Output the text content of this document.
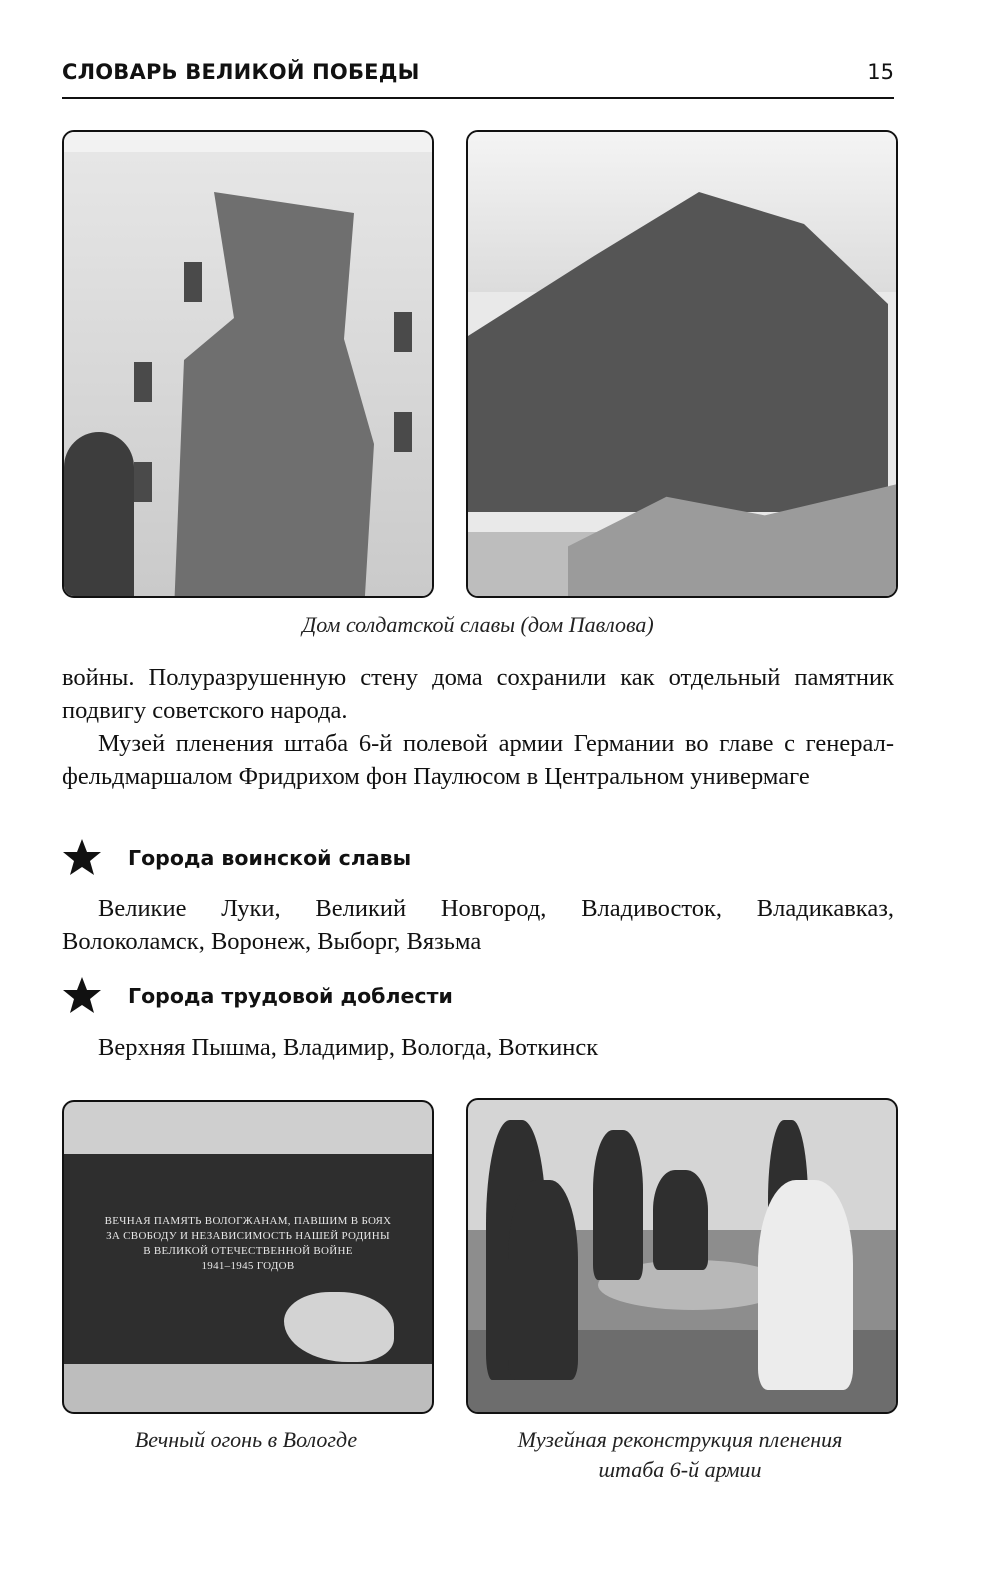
СЛОВАРЬ ВЕЛИКОЙ ПОБЕДЫ	15
Дом солдатской славы (дом Павлова)

войны. Полуразрушенную стену дома сохранили как отдельный памятник подвигу советского народа.

Музей пленения штаба 6-й полевой армии Германии во главе с генерал-фельдмаршалом Фридрихом фон Паулюсом в Центральном универмаге

Города воинской славы

Великие Луки, Великий Новгород, Владивосток, Владикавказ, Волоколамск, Воронеж, Выборг, Вязьма

Города трудовой доблести

Верхняя Пышма, Владимир, Вологда, Воткинск

ВЕЧНАЯ ПАМЯТЬ ВОЛОГЖАНАМ, ПАВШИМ В БОЯХ
ЗА СВОБОДУ И НЕЗАВИСИМОСТЬ НАШЕЙ РОДИНЫ
В ВЕЛИКОЙ ОТЕЧЕСТВЕННОЙ ВОЙНЕ
1941–1945 ГОДОВ
Вечный огонь в Вологде	Музейная реконструкция пленения
штаба 6-й армии
